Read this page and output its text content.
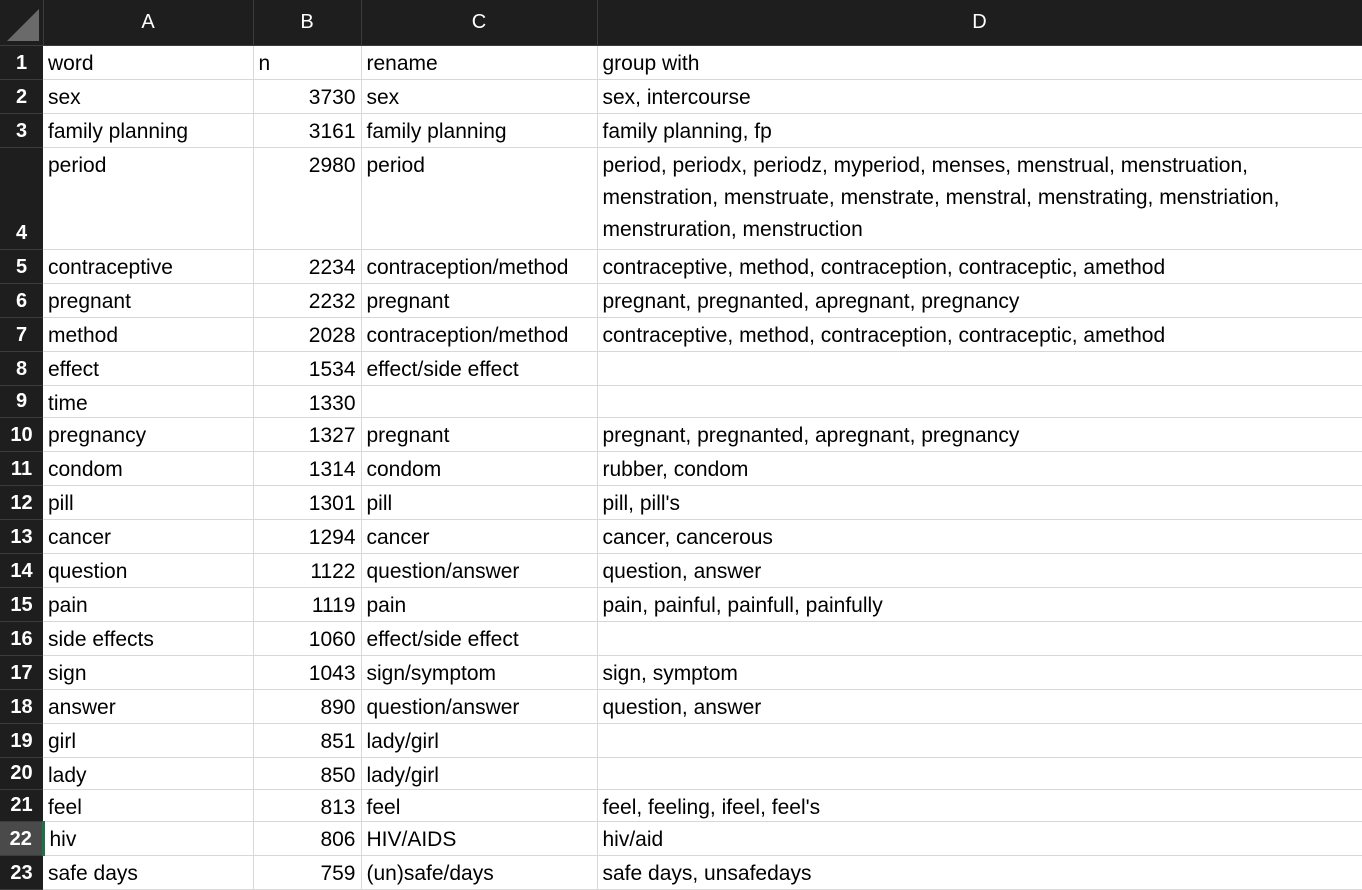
	A	B	C	D
1	word	n	rename	group with
2	sex	3730	sex	sex, intercourse
3	family planning	3161	family planning	family planning, fp
4	period	2980	period	period, periodx, periodz, myperiod, menses, menstrual, menstruation, menstration, menstruate, menstrate, menstral, menstrating, menstriation, menstruration, menstruction
5	contraceptive	2234	contraception/method	contraceptive, method, contraception, contraceptic, amethod
6	pregnant	2232	pregnant	pregnant, pregnanted, apregnant, pregnancy
7	method	2028	contraception/method	contraceptive, method, contraception, contraceptic, amethod
8	effect	1534	effect/side effect	
9	time	1330		
10	pregnancy	1327	pregnant	pregnant, pregnanted, apregnant, pregnancy
11	condom	1314	condom	rubber, condom
12	pill	1301	pill	pill, pill's
13	cancer	1294	cancer	cancer, cancerous
14	question	1122	question/answer	question, answer
15	pain	1119	pain	pain, painful, painfull, painfully
16	side effects	1060	effect/side effect	
17	sign	1043	sign/symptom	sign, symptom
18	answer	890	question/answer	question, answer
19	girl	851	lady/girl	
20	lady	850	lady/girl	
21	feel	813	feel	feel, feeling, ifeel, feel's
22	hiv	806	HIV/AIDS	hiv/aid
23	safe days	759	(un)safe/days	safe days, unsafedays
